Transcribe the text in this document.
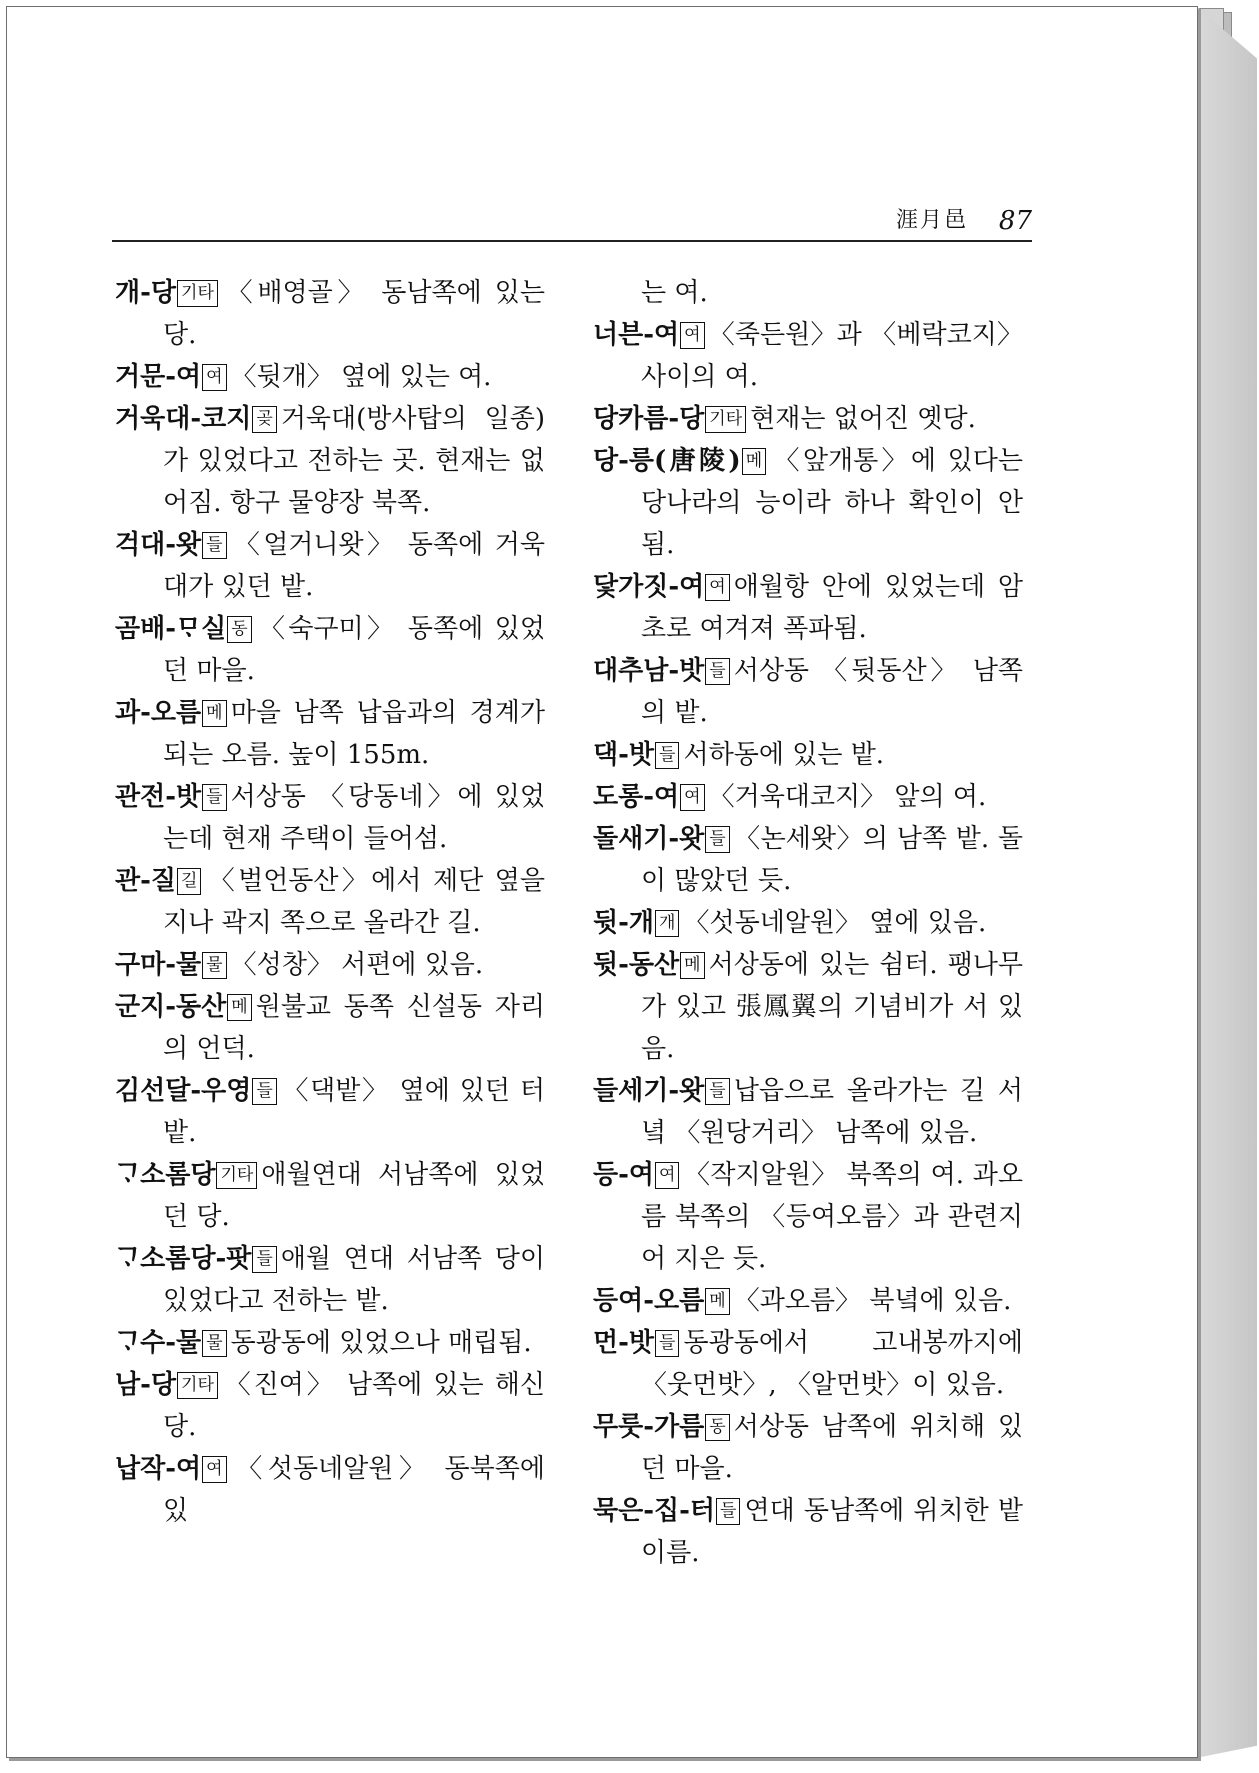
涯月邑 87

개-당 기타 〈배영골〉 동남쪽에 있는 당.

거문-여 여 〈뒷개〉 옆에 있는 여.

거욱대-코지 곶 거욱대(방사탑의 일종)가 있었다고 전하는 곳. 현재는 없어짐. 항구 물양장 북쪽.

걱대-왓 들 〈얼거니왓〉 동쪽에 거욱대가 있던 밭.

곰배-ᄆᆞ실 동 〈숙구미〉 동쪽에 있었던 마을.

과-오름 메 마을 남쪽 납읍과의 경계가 되는 오름. 높이 155m.

관전-밧 들 서상동 〈당동네〉에 있었는데 현재 주택이 들어섬.

관-질 길 〈벌언동산〉에서 제단 옆을 지나 곽지 쪽으로 올라간 길.

구마-물 물 〈성창〉 서편에 있음.

군지-동산 메 원불교 동쪽 신설동 자리의 언덕.

김선달-우영 들 〈댁밭〉 옆에 있던 터밭.

ᄀᆞ소롬당 기타 애월연대 서남쪽에 있었던 당.

ᄀᆞ소롬당-팟 들 애월 연대 서남쪽 당이 있었다고 전하는 밭.

ᄀᆞ수-물 물 동광동에 있었으나 매립됨.

남-당 기타 〈진여〉 남쪽에 있는 해신당.

납작-여 여 〈섯동네알원〉 동북쪽에 있

는 여.

너븐-여 여 〈죽든원〉과 〈베락코지〉 사이의 여.

당카름-당 기타 현재는 없어진 옛당.

당-릉(唐陵) 메 〈앞개통〉에 있다는 당나라의 능이라 하나 확인이 안됨.

닻가짓-여 여 애월항 안에 있었는데 암초로 여겨져 폭파됨.

대추남-밧 들 서상동 〈뒷동산〉 남쪽의 밭.

댁-밧 들 서하동에 있는 밭.

도롱-여 여 〈거욱대코지〉 앞의 여.

돌새기-왓 들 〈논세왓〉의 남쪽 밭. 돌이 많았던 듯.

뒷-개 개 〈섯동네알원〉 옆에 있음.

뒷-동산 메 서상동에 있는 쉼터. 팽나무가 있고 張鳳翼의 기념비가 서 있음.

들세기-왓 들 납읍으로 올라가는 길 서녘 〈원당거리〉 남쪽에 있음.

등-여 여 〈작지알원〉 북쪽의 여. 과오름 북쪽의 〈등여오름〉과 관련지어 지은 듯.

등여-오름 메 〈과오름〉 북녘에 있음.

먼-밧 들 동광동에서 고내봉까지에 〈웃먼밧〉, 〈알먼밧〉이 있음.

무룻-가름 동 서상동 남쪽에 위치해 있던 마을.

묵은-집-터 들 연대 동남쪽에 위치한 밭 이름.
